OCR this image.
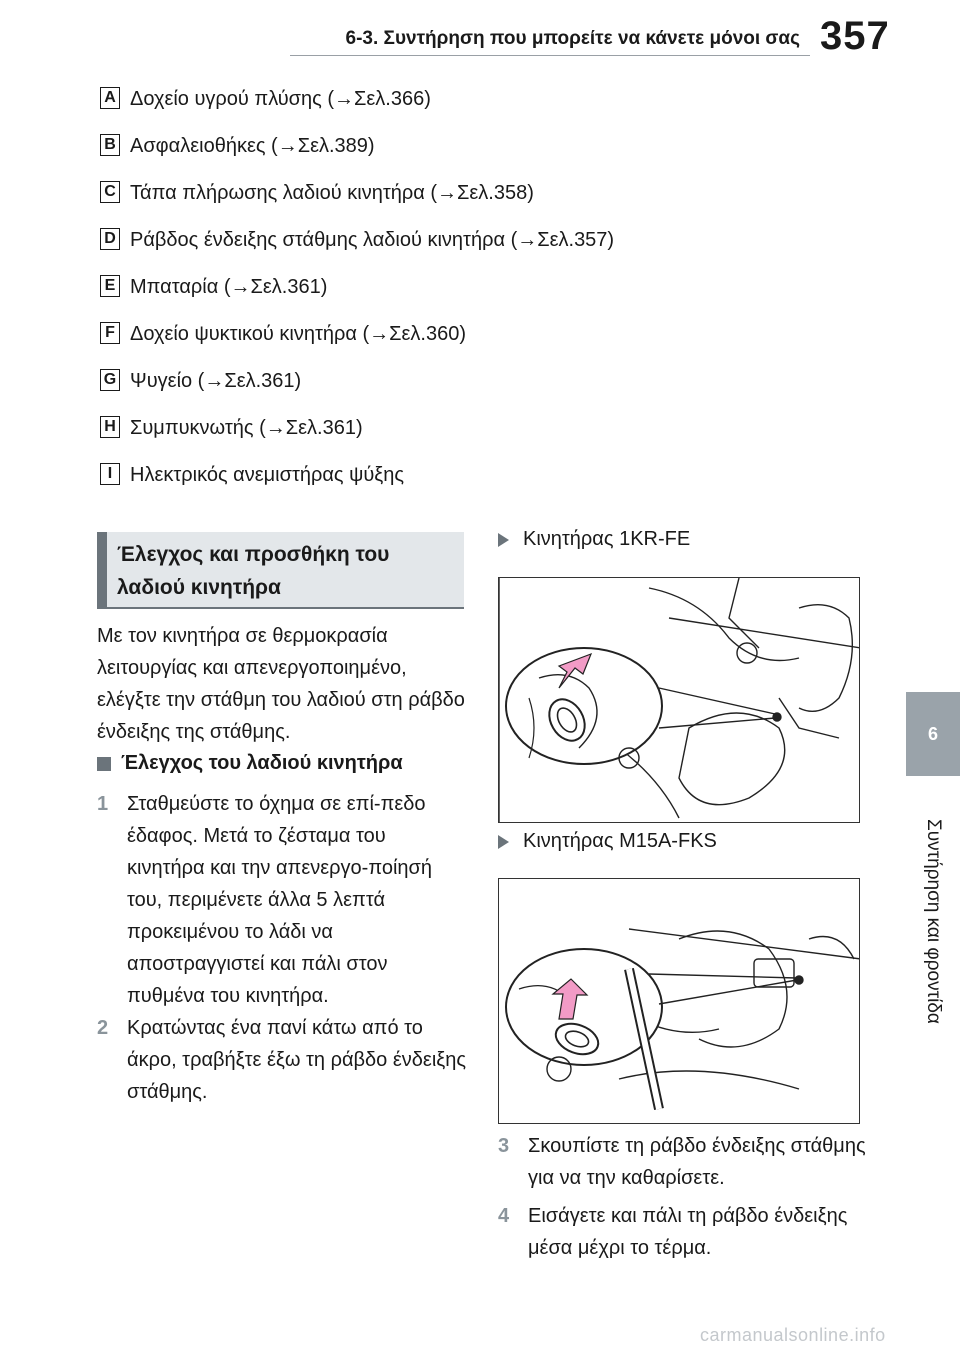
6-3. Συντήρηση που μπορείτε να κάνετε μόνοι σας 357
6
Συντήρηση και φροντίδα
A Δοχείο υγρού πλύσης (→Σελ.366)
B Ασφαλειοθήκες (→Σελ.389)
C Τάπα πλήρωσης λαδιού κινητήρα (→Σελ.358)
D Ράβδος ένδειξης στάθμης λαδιού κινητήρα (→Σελ.357)
E Μπαταρία (→Σελ.361)
F Δοχείο ψυκτικού κινητήρα (→Σελ.360)
G Ψυγείο (→Σελ.361)
H Συμπυκνωτής (→Σελ.361)
I Ηλεκτρικός ανεμιστήρας ψύξης
Έλεγχος και προσθήκη του
λαδιού κινητήρα
Με τον κινητήρα σε θερμοκρασία λειτουργίας και απενεργοποιημένο, ελέγξτε την στάθμη του λαδιού στη ράβδο ένδειξης της στάθμης.
Έλεγχος του λαδιού κινητήρα
1 Σταθμεύστε το όχημα σε επί-πεδο έδαφος. Μετά το ζέσταμα του κινητήρα και την απενεργο-ποίησή του, περιμένετε άλλα 5 λεπτά προκειμένου το λάδι να αποστραγγιστεί και πάλι στον πυθμένα του κινητήρα.
2 Κρατώντας ένα πανί κάτω από το άκρο, τραβήξτε έξω τη ράβδο ένδειξης στάθμης.
Κινητήρας 1KR-FE
Κινητήρας M15A-FKS
3 Σκουπίστε τη ράβδο ένδειξης στάθμης για να την καθαρίσετε.
4 Εισάγετε και πάλι τη ράβδο ένδειξης μέσα μέχρι το τέρμα.
carmanualsonline.info
